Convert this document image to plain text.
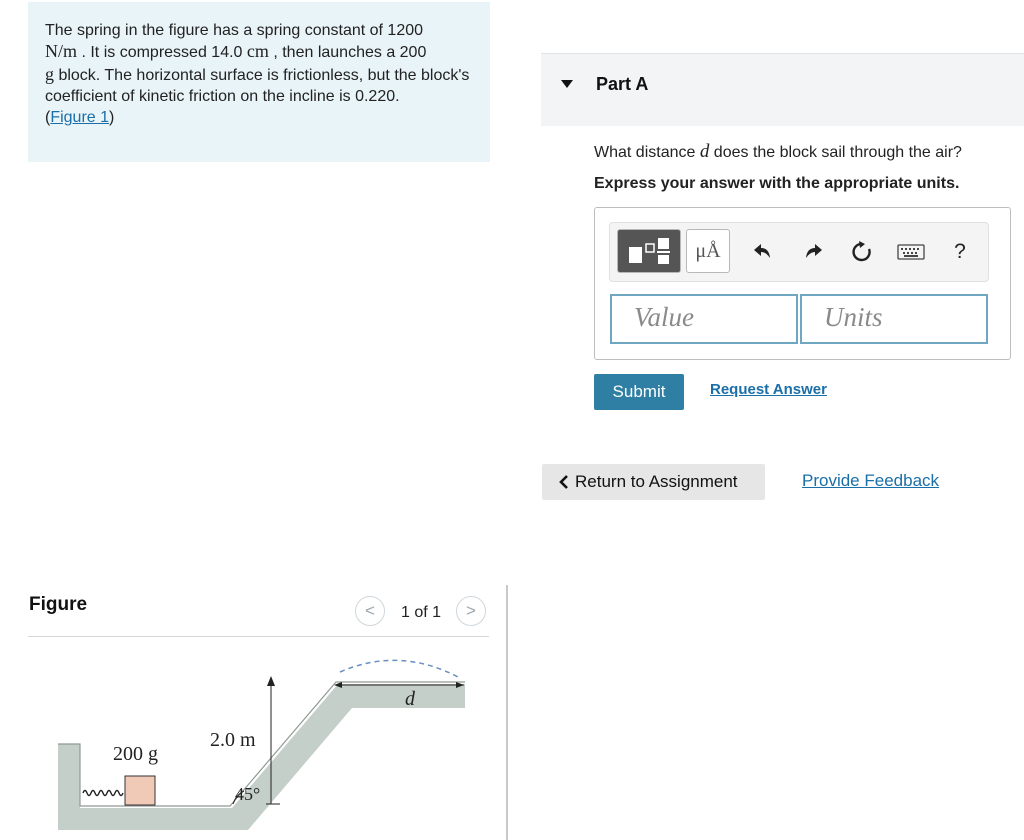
The spring in the figure has a spring constant of 1200
N/m . It is compressed 14.0 cm , then launches a 200
g block. The horizontal surface is frictionless, but the block's coefficient of kinetic friction on the incline is 0.220.
(Figure 1)
Figure	< 1 of 1 >
200 g
2.0 m
45°
d
Part A
What distance d does the block sail through the air?
Express your answer with the appropriate units.
μÅ	?
Value	Units
Submit	Request Answer
Return to Assignment	Provide Feedback
